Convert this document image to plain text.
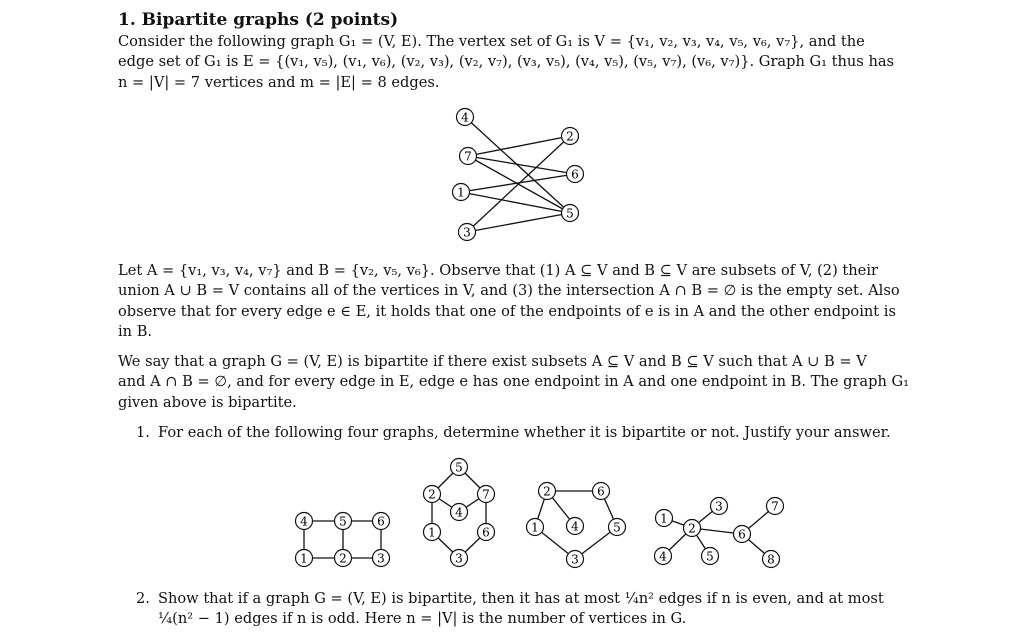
1. Bipartite graphs (2 points)

Consider the following graph G₁ = (V, E). The vertex set of G₁ is V = {v₁, v₂, v₃, v₄, v₅, v₆, v₇}, and the
edge set of G₁ is E = {(v₁, v₅), (v₁, v₆), (v₂, v₃), (v₂, v₇), (v₃, v₅), (v₄, v₅), (v₅, v₇), (v₆, v₇)}. Graph G₁ thus has
n = |V| = 7 vertices and m = |E| = 8 edges.

Let A = {v₁, v₃, v₄, v₇} and B = {v₂, v₅, v₆}. Observe that (1) A ⊆ V and B ⊆ V are subsets of V, (2) their
union A ∪ B = V contains all of the vertices in V, and (3) the intersection A ∩ B = ∅ is the empty set. Also
observe that for every edge e ∈ E, it holds that one of the endpoints of e is in A and the other endpoint is
in B.

We say that a graph G = (V, E) is bipartite if there exist subsets A ⊆ V and B ⊆ V such that A ∪ B = V
and A ∩ B = ∅, and for every edge in E, edge e has one endpoint in A and one endpoint in B. The graph G₁
given above is bipartite.

1. For each of the following four graphs, determine whether it is bipartite or not. Justify your answer.

2. Show that if a graph G = (V, E) is bipartite, then it has at most ¼n² edges if n is even, and at most
¼(n² − 1) edges if n is odd. Here n = |V| is the number of vertices in G.

4
7
1
3
2
6
5
4	5	6
1	2	3
5
2	7
4
1	6
3
2	6
1	4	5
3
1
3	7
2	6
4	5	8
